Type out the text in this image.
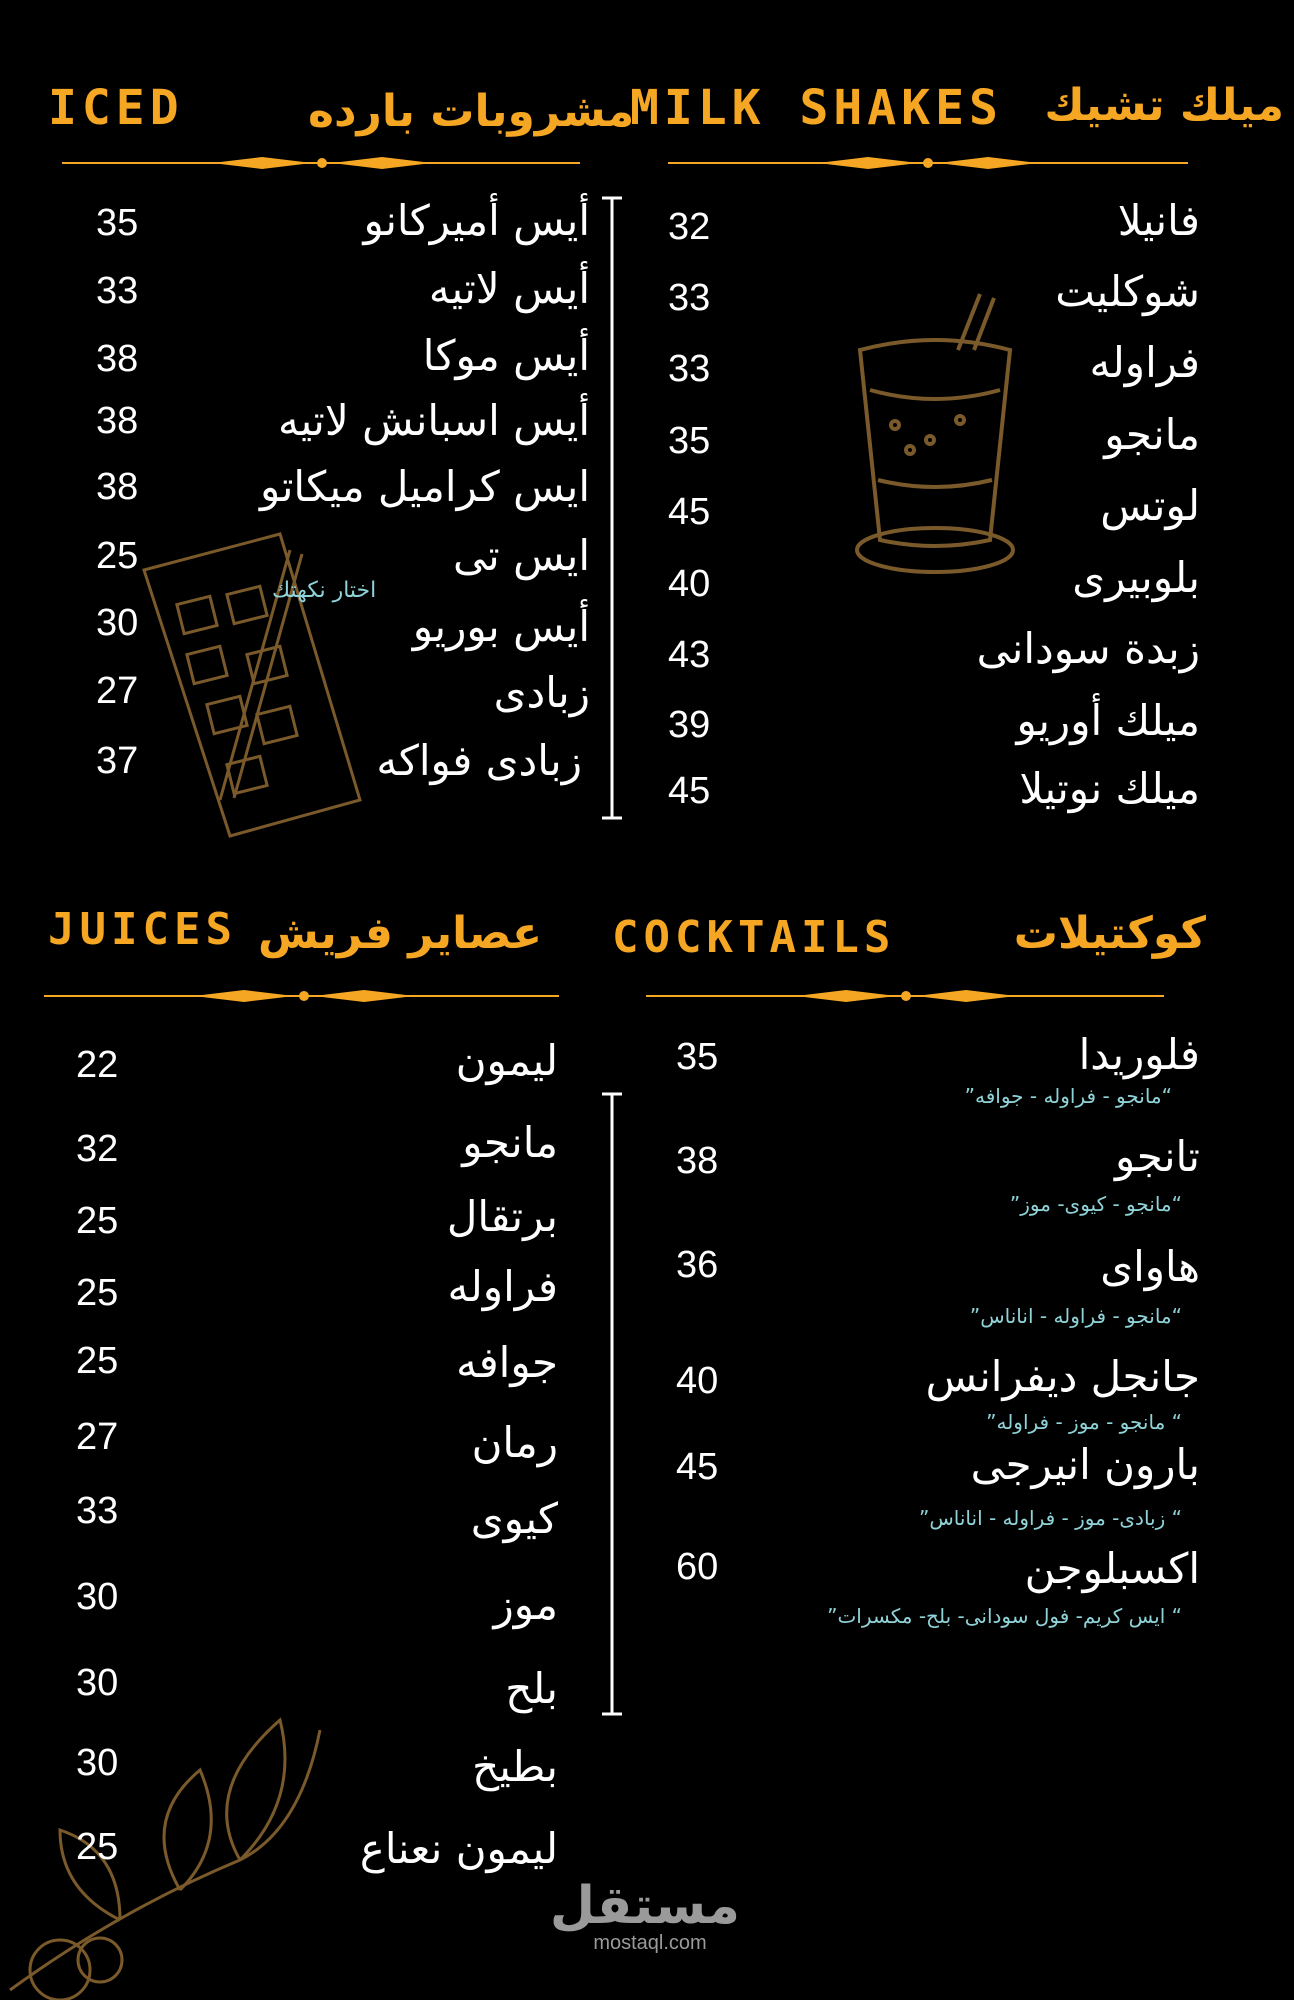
ميلك تشيك
MILK SHAKES
فانيلا
32
شوكليت
33
فراوله
33
مانجو
35
لوتس
45
بلوبيرى
40
زبدة سودانى
43
ميلك أوريو
39
ميلك نوتيلا
45
مشروبات بارده
ICED
اختار نكهتك
أيس أميركانو
35
أيس لاتيه
33
أيس موكا
38
أيس اسبانش لاتيه
38
ايس كراميل ميكاتو
38
ايس تى
25
أيس بوريو
30
زبادى
27
زبادى فواكه
37
كوكتيلات
COCKTAILS
فلوريدا
35
“مانجو - فراوله - جوافه”
تانجو
38
“مانجو - كيوى- موز”
هاواى
36
“مانجو - فراوله - اناناس”
جانجل ديفرانس
40
“ مانجو - موز - فراوله”
بارون انيرجى
45
“ زبادى- موز - فراوله - اناناس”
اكسبلوجن
60
“ ايس كريم- فول سودانى- بلح- مكسرات”
عصاير فريش
JUICES
ليمون
22
مانجو
32
برتقال
25
فراوله
25
جوافه
25
رمان
27
كيوى
33
موز
30
بلح
30
بطيخ
30
ليمون نعناع
25
مستقل
mostaql.com
